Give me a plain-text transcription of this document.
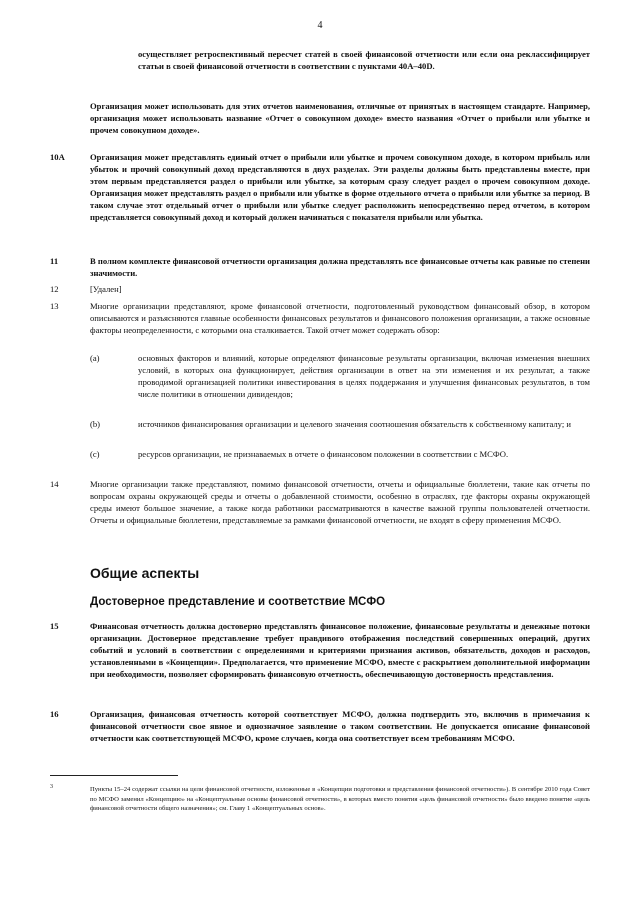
4
осуществляет ретроспективный пересчет статей в своей финансовой отчетности или если она реклассифицирует статьи в своей финансовой отчетности в соответствии с пунктами 40А–40D.
Организация может использовать для этих отчетов наименования, отличные от принятых в настоящем стандарте. Например, организация может использовать название «Отчет о совокупном доходе» вместо названия «Отчет о прибыли или убытке и прочем совокупном доходе».
10A	Организация может представлять единый отчет о прибыли или убытке и прочем совокупном доходе, в котором прибыль или убыток и прочий совокупный доход представляются в двух разделах. Эти разделы должны быть представлены вместе, при этом первым представляется раздел о прибыли или убытке, за которым сразу следует раздел о прочем совокупном доходе. Организация может представлять раздел о прибыли или убытке в форме отдельного отчета о прибыли или убытке за период. В таком случае этот отдельный отчет о прибыли или убытке следует расположить непосредственно перед отчетом, в котором представляется совокупный доход и который должен начинаться с показателя прибыли или убытка.
11	В полном комплекте финансовой отчетности организация должна представлять все финансовые отчеты как равные по степени значимости.
12	[Удален]
13	Многие организации представляют, кроме финансовой отчетности, подготовленный руководством финансовый обзор, в котором описываются и разъясняются главные особенности финансовых результатов и финансового положения организации, а также основные факторы неопределенности, с которыми она сталкивается. Такой отчет может содержать обзор:
(a)	основных факторов и влияний, которые определяют финансовые результаты организации, включая изменения внешних условий, в которых она функционирует, действия организации в ответ на эти изменения и их результат, а также проводимой организацией политики инвестирования в целях поддержания и улучшения финансовых результатов, в том числе политики в отношении дивидендов;
(b)	источников финансирования организации и целевого значения соотношения обязательств к собственному капиталу; и
(c)	ресурсов организации, не признаваемых в отчете о финансовом положении в соответствии с МСФО.
14	Многие организации также представляют, помимо финансовой отчетности, отчеты и официальные бюллетени, такие как отчеты по вопросам охраны окружающей среды и отчеты о добавленной стоимости, особенно в отраслях, где факторы охраны окружающей среды имеют большое значение, а также когда работники рассматриваются в качестве важной группы пользователей отчетности. Отчеты и официальные бюллетени, представляемые за рамками финансовой отчетности, не входят в сферу применения МСФО.
Общие аспекты
Достоверное представление и соответствие МСФО
15	Финансовая отчетность должна достоверно представлять финансовое положение, финансовые результаты и денежные потоки организации. Достоверное представление требует правдивого отображения последствий совершенных операций, других событий и условий в соответствии с определениями и критериями признания активов, обязательств, доходов и расходов, установленными в «Концепции». Предполагается, что применение МСФО, вместе с раскрытием дополнительной информации при необходимости, позволяет сформировать финансовую отчетность, обеспечивающую достоверность представления.
16	Организация, финансовая отчетность которой соответствует МСФО, должна подтвердить это, включив в примечания к финансовой отчетности свое явное и однозначное заявление о таком соответствии. Не допускается описание финансовой отчетности как соответствующей МСФО, кроме случаев, когда она соответствует всем требованиям МСФО.
3	Пункты 15–24 содержат ссылки на цели финансовой отчетности, изложенные в «Концепции подготовки и представления финансовой отчетности»). В сентябре 2010 года Совет по МСФО заменил «Концепцию» на «Концептуальные основы финансовой отчетности», в которых вместо понятия «цель финансовой отчетности» было введено понятие «цель финансовой отчетности общего назначения»; см. Главу 1 «Концептуальных основ».
